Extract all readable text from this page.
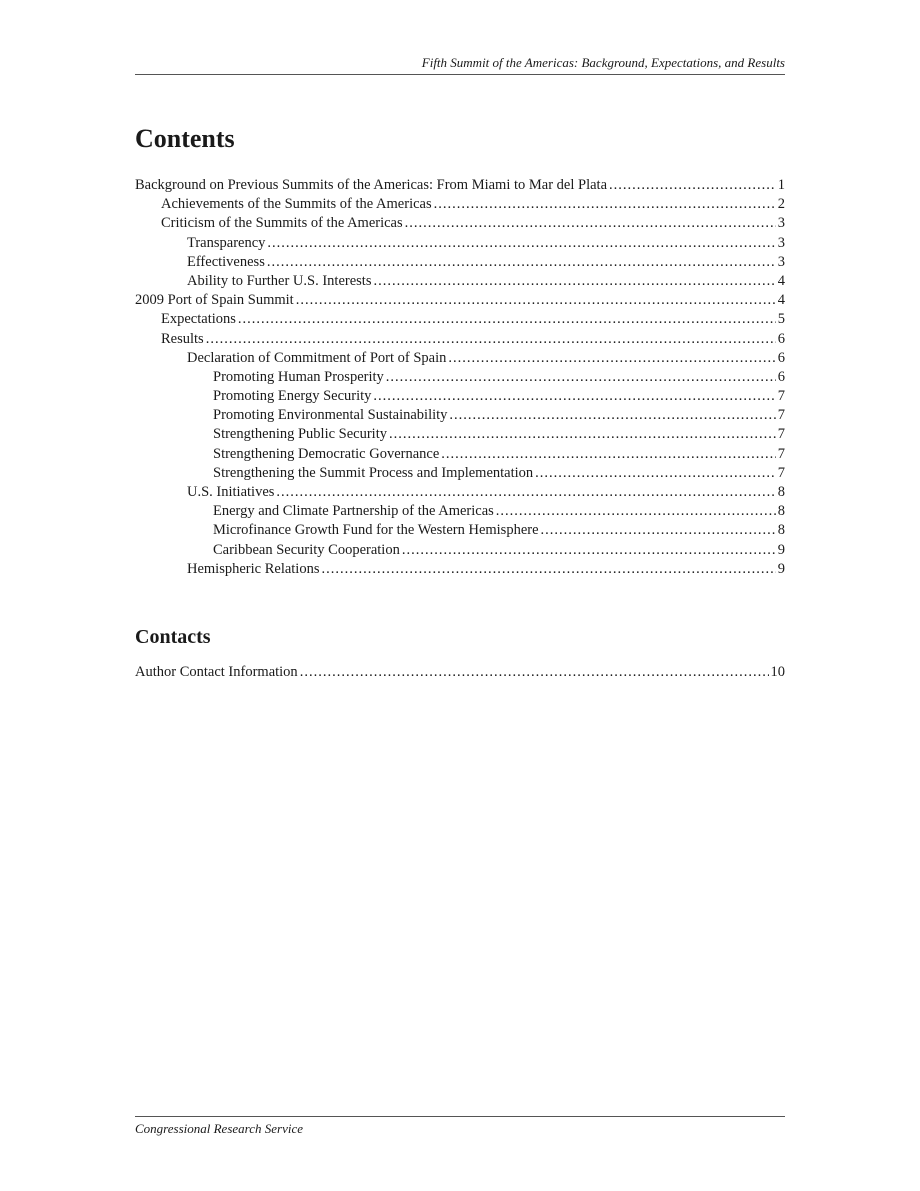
Fifth Summit of the Americas: Background, Expectations, and Results
Contents
Background on Previous Summits of the Americas: From Miami to Mar del Plata .....	1
Achievements of the Summits of the Americas .....	2
Criticism of the Summits of the Americas .....	3
Transparency .....	3
Effectiveness .....	3
Ability to Further U.S. Interests .....	4
2009 Port of Spain Summit .....	4
Expectations .....	5
Results .....	6
Declaration of Commitment of Port of Spain .....	6
Promoting Human Prosperity .....	6
Promoting Energy Security .....	7
Promoting Environmental Sustainability .....	7
Strengthening Public Security .....	7
Strengthening Democratic Governance .....	7
Strengthening the Summit Process and Implementation .....	7
U.S. Initiatives .....	8
Energy and Climate Partnership of the Americas .....	8
Microfinance Growth Fund for the Western Hemisphere .....	8
Caribbean Security Cooperation .....	9
Hemispheric Relations .....	9
Contacts
Author Contact Information .....	10
Congressional Research Service
